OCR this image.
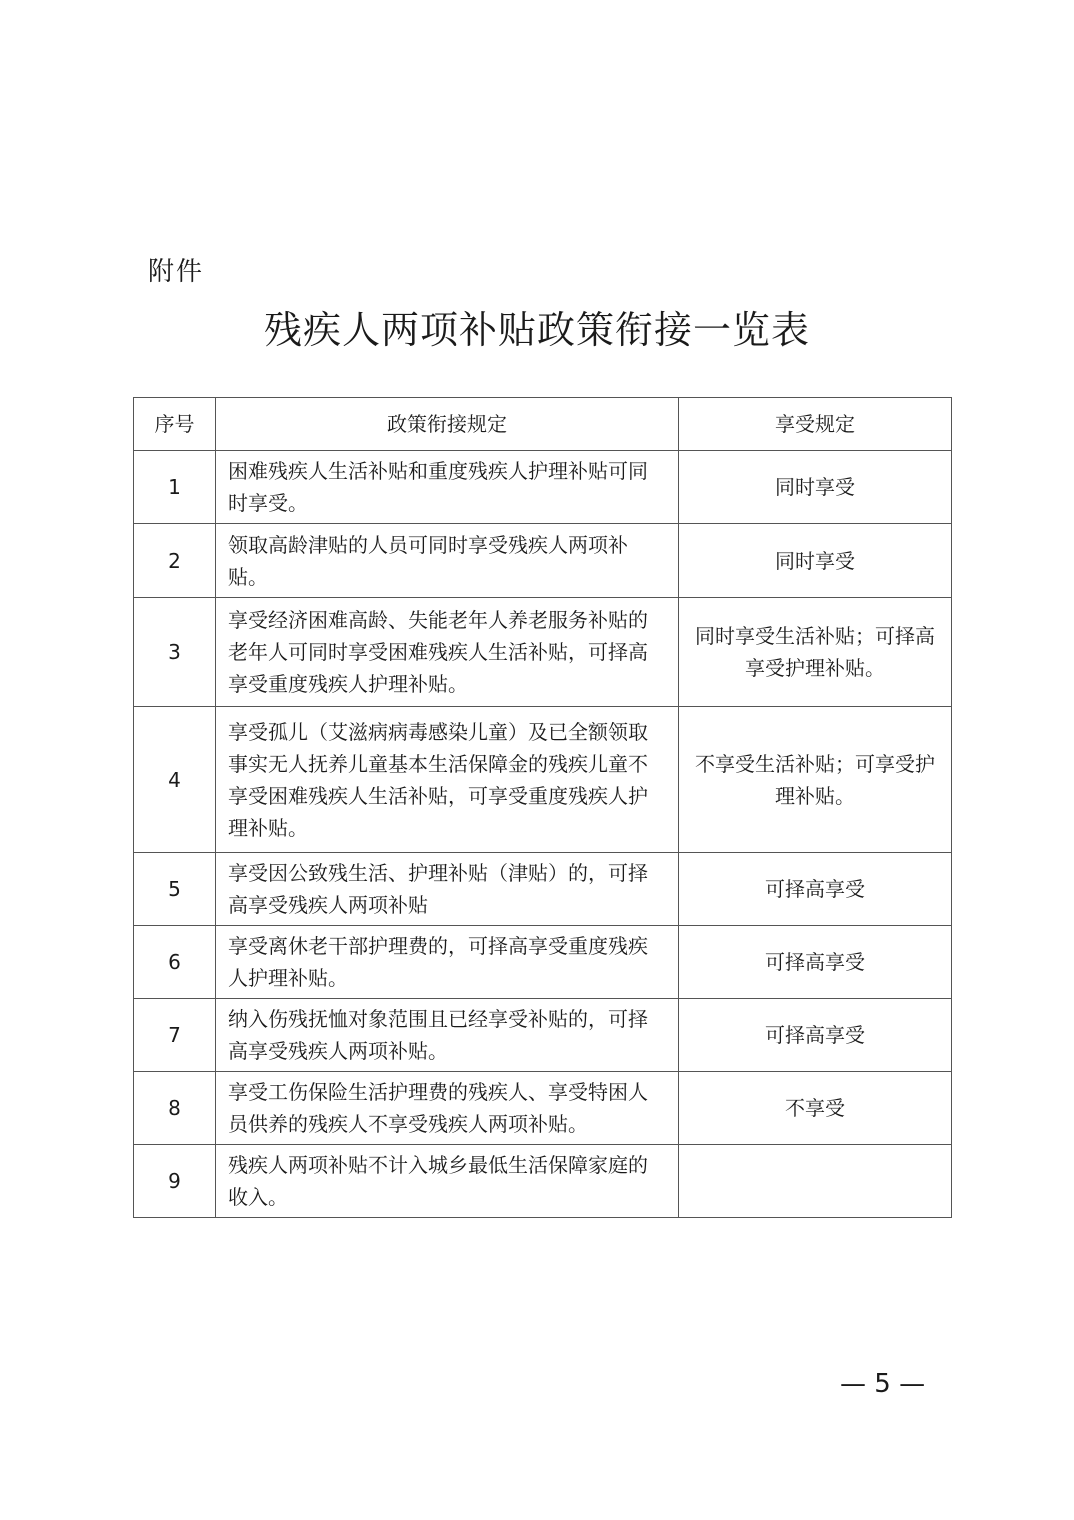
附件
残疾人两项补贴政策衔接一览表
序号	政策衔接规定	享受规定
1	困难残疾人生活补贴和重度残疾人护理补贴可同时享受。	同时享受
2	领取高龄津贴的人员可同时享受残疾人两项补贴。	同时享受
3	享受经济困难高龄、失能老年人养老服务补贴的老年人可同时享受困难残疾人生活补贴，可择高享受重度残疾人护理补贴。	同时享受生活补贴；可择高享受护理补贴。
4	享受孤儿（艾滋病病毒感染儿童）及已全额领取事实无人抚养儿童基本生活保障金的残疾儿童不享受困难残疾人生活补贴，可享受重度残疾人护理补贴。	不享受生活补贴；可享受护理补贴。
5	享受因公致残生活、护理补贴（津贴）的，可择高享受残疾人两项补贴	可择高享受
6	享受离休老干部护理费的，可择高享受重度残疾人护理补贴。	可择高享受
7	纳入伤残抚恤对象范围且已经享受补贴的，可择高享受残疾人两项补贴。	可择高享受
8	享受工伤保险生活护理费的残疾人、享受特困人员供养的残疾人不享受残疾人两项补贴。	不享受
9	残疾人两项补贴不计入城乡最低生活保障家庭的收入。	
— 5 —
